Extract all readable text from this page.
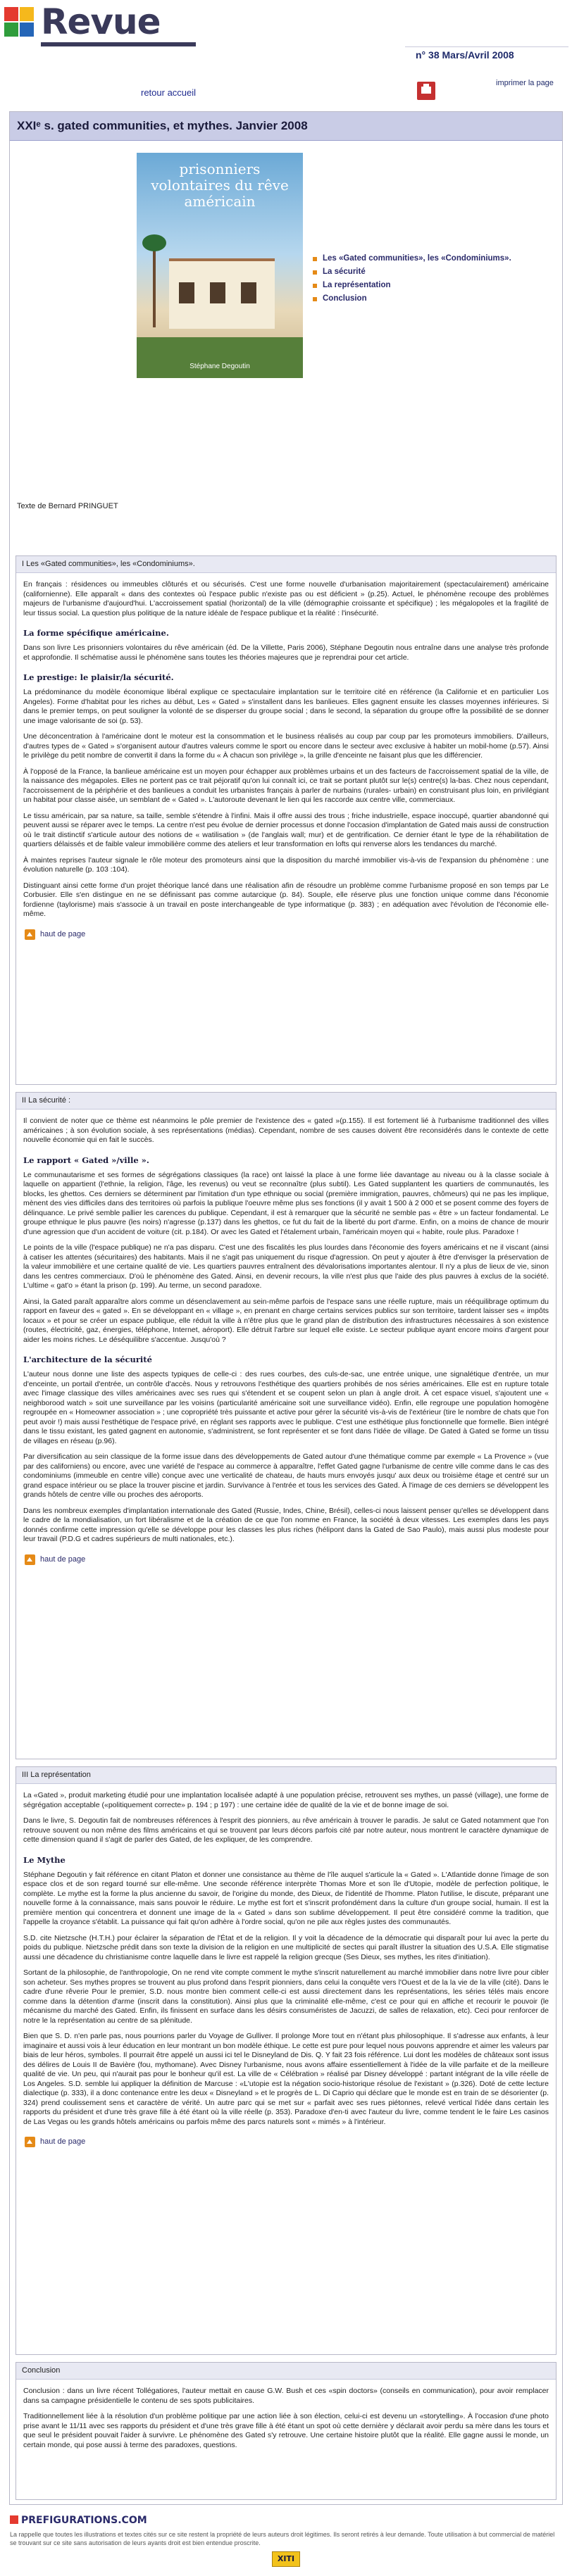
Revue
n° 38 Mars/Avril 2008
retour accueil
imprimer la page
XXIᵉ s. gated communities, et mythes. Janvier 2008
prisonniers volontaires du rêve américain
Stéphane Degoutin
Les «Gated communities», les «Condominiums».
La sécurité
La représentation
Conclusion
Texte de Bernard PRINGUET
I Les «Gated communities», les «Condominiums».

En français : résidences ou immeubles clôturés et ou sécurisés. C'est une forme nouvelle d'urbanisation majoritairement (spectaculairement) américaine (californienne). Elle apparaît « dans des contextes où l'espace public n'existe pas ou est déficient » (p.25). Actuel, le phénomène recoupe des problèmes majeurs de l'urbanisme d'aujourd'hui. L'accroissement spatial (horizontal) de la ville (démographie croissante et spécifique) ; les mégalopoles et la fragilité de leur tissus social. La question plus politique de la nature idéale de l'espace publique et la réalité : l'insécurité.

La forme spécifique américaine.

Dans son livre Les prisonniers volontaires du rêve américain (éd. De la Villette, Paris 2006), Stéphane Degoutin nous entraîne dans une analyse très profonde et approfondie. Il schématise aussi le phénomène sans toutes les théories majeures que je reprendrai pour cet article.

Le prestige: le plaisir/la sécurité.

La prédominance du modèle économique libéral explique ce spectaculaire implantation sur le territoire cité en référence (la Californie et en particulier Los Angeles). Forme d'habitat pour les riches au début, Les « Gated » s'installent dans les banlieues. Elles gagnent ensuite les classes moyennes inférieures. Si dans le premier temps, on peut souligner la volonté de se disperser du groupe social ; dans le second, la séparation du groupe offre la possibilité de se donner une image valorisante de soi (p. 53).

Une déconcentration à l'américaine dont le moteur est la consommation et le business réalisés au coup par coup par les promoteurs immobiliers. D'ailleurs, d'autres types de « Gated » s'organisent autour d'autres valeurs comme le sport ou encore dans le secteur avec exclusive à habiter un mobil-home (p.57). Ainsi le privilège du petit nombre de convertit il dans la forme du « À chacun son privilège », la grille d'enceinte ne faisant plus que les différencier.

À l'opposé de la France, la banlieue américaine est un moyen pour échapper aux problèmes urbains et un des facteurs de l'accroissement spatial de la ville, de la naissance des mégapoles. Elles ne portent pas ce trait péjoratif qu'on lui connaît ici, ce trait se portant plutôt sur le(s) centre(s) la-bas. Chez nous cependant, l'accroissement de la périphérie et des banlieues a conduit les urbanistes français à parler de nurbains (rurales- urbain) en construisant plus loin, en privilégiant un habitat pour classe aisée, un semblant de « Gated ». L'autoroute devenant le lien qui les raccorde aux centre ville, commerciaux.

Le tissu américain, par sa nature, sa taille, semble s'étendre à l'infini. Mais il offre aussi des trous ; friche industrielle, espace inoccupé, quartier abandonné qui peuvent aussi se réparer avec le temps. La centre n'est peu évolue de dernier processus et donne l'occasion d'implantation de Gated mais aussi de construction où le trait distinctif s'articule autour des notions de « watilisation » (de l'anglais wall; mur) et de gentrification. Ce dernier étant le type de la réhabilitation de quartiers délaissés et de faible valeur immobilière comme des ateliers et leur transformation en lofts qui renverse alors les tendances du marché.

À maintes reprises l'auteur signale le rôle moteur des promoteurs ainsi que la disposition du marché immobilier vis-à-vis de l'expansion du phénomène : une évolution naturelle (p. 103 :104).

Distinguant ainsi cette forme d'un projet théorique lancé dans une réalisation afin de résoudre un problème comme l'urbanisme proposé en son temps par Le Corbusier. Elle s'en distingue en ne se définissant pas comme autarcique (p. 84). Souple, elle réserve plus une fonction unique comme dans l'économie fordienne (taylorisme) mais s'associe à un travail en poste interchangeable de type informatique (p. 383) ; en adéquation avec l'évolution de l'économie elle-même.

haut de page
II La sécurité :

Il convient de noter que ce thème est néanmoins le pôle premier de l'existence des « gated »(p.155). Il est fortement lié à l'urbanisme traditionnel des villes américaines ; à son évolution sociale, à ses représentations (médias). Cependant, nombre de ses causes doivent être reconsidérés dans le contexte de cette nouvelle économie qui en fait le succès.

Le rapport « Gated »/ville ».

Le communautarisme et ses formes de ségrégations classiques (la race) ont laissé la place à une forme liée davantage au niveau ou à la classe sociale à laquelle on appartient (l'ethnie, la religion, l'âge, les revenus) ou veut se reconnaître (plus subtil). Les Gated supplantent les quartiers de communautés, les blocks, les ghettos. Ces derniers se déterminent par l'imitation d'un type ethnique ou social (première immigration, pauvres, chômeurs) qui ne pas les implique, mènent des vies difficiles dans des territoires où parfois la publique l'oeuvre même plus ses fonctions (il y avait 1 500 à 2 000 et se posent comme des foyers de délinquance. Le privé semble pallier les carences du publique. Cependant, il est à remarquer que la sécurité ne semble pas « être » un facteur fondamental. Le groupe ethnique le plus pauvre (les noirs) n'agresse (p.137) dans les ghettos, ce fut du fait de la liberté du port d'arme. Enfin, on a moins de chance de mourir d'une agression que d'un accident de voiture (cit. p.184). Or avec les Gated et l'étalement urbain, l'américain moyen qui « habite, roule plus. Paradoxe !

Le points de la ville (l'espace publique) ne n'a pas disparu. C'est une des fiscalités les plus lourdes dans l'économie des foyers américains et ne il viscant (ainsi à catiser les attentes (sécuritaires) des habitants. Mais il ne s'agit pas uniquement du risque d'agression. On peut y ajouter à être d'envisger la préservation de la valeur immobilière et une certaine qualité de vie. Les quartiers pauvres entraînent des dévalorisations importantes alentour. Il n'y a plus de lieux de vie, sinon dans les centres commerciaux. D'où le phénomène des Gated. Ainsi, en devenir recours, la ville n'est plus que l'aide des plus pauvres à exclus de la société. L'ultime « gat'o » étant la prison (p. 199). Au terme, un second paradoxe.

Ainsi, la Gated paraît apparaître alors comme un désenclavement au sein-même parfois de l'espace sans une réelle rupture, mais un rééquilibrage optimum du rapport en faveur des « gated ». En se développant en « village », en prenant en charge certains services publics sur son territoire, tardent laisser ses « impôts locaux » et pour se créer un espace publique, elle réduit la ville à n'être plus que le grand plan de distribution des infrastructures nécessaires à son existence (routes, électricité, gaz, énergies, téléphone, Internet, aéroport). Elle détruit l'arbre sur lequel elle existe. Le secteur publique ayant encore moins d'argent pour aider les moins riches. Le déséquilibre s'accentue. Jusqu'où ?

L'architecture de la sécurité

L'auteur nous donne une liste des aspects typiques de celle-ci : des rues courbes, des culs-de-sac, une entrée unique, une signalétique d'entrée, un mur d'enceinte, un portail d'entrée, un contrôle d'accès. Nous y retrouvons l'esthétique des quartiers prohibés de nos séries américaines. Elle est en rupture totale avec l'image classique des villes américaines avec ses rues qui s'étendent et se coupent selon un plan à angle droit. À cet espace visuel, s'ajoutent une « neighborood watch » soit une surveillance par les voisins (particularité américaine soit une surveillance vidéo). Enfin, elle regroupe une population homogène regroupée en « Homeowner association » ; une copropriété très puissante et active pour gérer la sécurité vis-à-vis de l'extérieur (tire le nombre de chats que l'on peut avoir !) mais aussi l'esthétique de l'espace privé, en réglant ses rapports avec le publique. C'est une esthétique plus fonctionnelle que formelle. Bien intégré dans le tissu existant, les gated gagnent en autonomie, s'administrent, se font représenter et se font dans l'idée de village. De Gated à Gated se forme un tissu de villages en réseau (p.96).

Par diversification au sein classique de la forme issue dans des développements de Gated autour d'une thématique comme par exemple « La Provence » (vue par des californiens) ou encore, avec une variété de l'espace au commerce à apparaître, l'effet Gated gagne l'urbanisme de centre ville comme dans le cas des condominiums (immeuble en centre ville) conçue avec une verticalité de chateau, de hauts murs envoyés jusqu' aux deux ou troisième étage et centré sur un grand espace intérieur ou se place la trouver piscine et jardin. Survivance à l'entrée et tous les services des Gated. À l'image de ces derniers se développent les grands hôtels de centre ville ou proches des aéroports.

Dans les nombreux exemples d'implantation internationale des Gated (Russie, Indes, Chine, Brésil), celles-ci nous laissent penser qu'elles se développent dans le cadre de la mondialisation, un fort libéralisme et de la création de ce que l'on nomme en France, la société à deux vitesses. Les exemples dans les pays donnés confirme cette impression qu'elle se développe pour les classes les plus riches (hélipont dans la Gated de Sao Paulo), mais aussi plus modeste pour leur travail (P.D.G et cadres supérieurs de multi nationales, etc.).

haut de page
III La représentation

La «Gated », produit marketing étudié pour une implantation localisée adapté à une population précise, retrouvent ses mythes, un passé (village), une forme de ségrégation acceptable («politiquement correcte» p. 194 ; p 197) : une certaine idée de qualité de la vie et de bonne image de soi.

Dans le livre, S. Degoutin fait de nombreuses références à l'esprit des pionniers, au rêve américain à trouver le paradis. Je salut ce Gated notamment que l'on retrouve souvent ou non même des films américains et qui se trouvent par leurs décors parfois cité par notre auteur, nous montrent le caractère dynamique de cette dimension quand il s'agit de parler des Gated, de les expliquer, de les comprendre.

Le Mythe

Stéphane Degoutin y fait référence en citant Platon et donner une consistance au thème de l'île auquel s'articule la « Gated ». L'Atlantide donne l'image de son espace clos et de son regard tourné sur elle-même. Une seconde référence interprète Thomas More et son île d'Utopie, modèle de perfection politique, le complète. Le mythe est la forme la plus ancienne du savoir, de l'origine du monde, des Dieux, de l'identité de l'homme. Platon l'utilise, le discute, préparant une nouvelle forme à la connaissance, mais sans pouvoir le réduire. Le mythe est fort et s'inscrit profondément dans la culture d'un groupe social, humain. Il est la première mention qui concentrera et donnent une image de la « Gated » dans son sublime développement. Il peut être considéré comme la tradition, que l'appelle la croyance s'établit. La puissance qui fait qu'on adhère à l'ordre social, qu'on ne pile aux règles justes des communautés.

S.D. cite Nietzsche (H.T.H.) pour éclairer la séparation de l'État et de la religion. Il y voit la décadence de la démocratie qui disparaît pour lui avec la perte du poids du publique. Nietzsche prédit dans son texte la division de la religion en une multiplicité de sectes qui paraît illustrer la situation des U.S.A. Elle stigmatise aussi une décadence du christianisme contre laquelle dans le livre est rappelé la religion grecque (Ses Dieux, ses mythes, les rites d'initiation).

Sortant de la philosophie, de l'anthropologie, On ne rend vite compte comment le mythe s'inscrit naturellement au marché immobilier dans notre livre pour cibler son acheteur. Ses mythes propres se trouvent au plus profond dans l'esprit pionniers, dans celui la conquête vers l'Ouest et de la la vie de la ville (cité). Dans le cadre d'une rêverie Pour le premier, S.D. nous montre bien comment celle-ci est aussi directement dans les représentations, les séries télés mais encore comme dans la détention d'arme (inscrit dans la constitution). Ainsi plus que la criminalité elle-même, c'est ce pour qui en affiche et recourir le pouvoir (le mécanisme du marché des Gated. Enfin, ils finissent en surface dans les désirs consuméristes de Jacuzzi, de salles de relaxation, etc). Ceci pour renforcer de notre le la représentation au centre de sa plénitude.

Bien que S. D. n'en parle pas, nous pourrions parler du Voyage de Gulliver. Il prolonge More tout en n'étant plus philosophique. Il s'adresse aux enfants, à leur imaginaire et aussi vois à leur éducation en leur montrant un bon modèle éthique. Le cette est pure pour lequel nous pouvons apprendre et aimer les valeurs par biais de leur héros, symboles. Il pourrait être appelé un aussi ici tel le Disneyland de Dis. Q. Y fait 23 fois référence. Lui dont les modèles de châteaux sont issus des délires de Louis II de Bavière (fou, mythomane). Avec Disney l'urbanisme, nous avons affaire essentiellement à l'idée de la ville parfaite et de la meilleure qualité de vie. Un peu, qui n'aurait pas pour le bonheur qu'il est. La ville de « Célébration » réalisé par Disney développé : partant intégrant de la ville réelle de Los Angeles. S.D. semble lui appliquer la définition de Marcuse : «L'utopie est la négation socio-historique résolue de l'existant » (p.326). Doté de cette lecture dialectique (p. 333), il a donc contenance entre les deux « Disneyland » et le progrès de L. Di Caprio qui déclare que le monde est en train de se désorienter (p. 324) prend coulissement sens et caractère de vérité. Un autre parc qui se met sur « parfait avec ses rues piétonnes, relevé vertical l'idée dans certain les rapports du président et d'une très grave fille à été étant où la ville réelle (p. 353). Paradoxe d'en-ti avec l'auteur du livre, comme tendent le le faire Les casinos de Las Vegas ou les grands hôtels américains ou parfois même des parcs naturels sont « mimés » à l'intérieur.

haut de page
Conclusion

Conclusion : dans un livre récent Tollégatiores, l'auteur mettait en cause G.W. Bush et ces «spin doctors» (conseils en communication), pour avoir remplacer dans sa campagne présidentielle le contenu de ses spots publicitaires.

Traditionnellement liée à la résolution d'un problème politique par une action liée à son élection, celui-ci est devenu un «storytelling». À l'occasion d'une photo prise avant le 11/11 avec ses rapports du président et d'une très grave fille à été étant un spot où cette dernière y déclarait avoir perdu sa mère dans les tours et que seul le président pouvait l'aider à survivre. Le phénomène des Gated s'y retrouve. Une certaine histoire plutôt que la réalité. Elle gagne aussi le monde, un certain monde, qui pose aussi à terme des paradoxes, questions.

PREFIGURATIONS.COM
La rappelle que toutes les illustrations et textes cités sur ce site restent la propriété de leurs auteurs droit légitimes. Ils seront retirés à leur demande. Toute utilisation à but commercial de matériel se trouvant sur ce site sans autorisation de leurs ayants droit est bien entendue proscrite.
XITI
